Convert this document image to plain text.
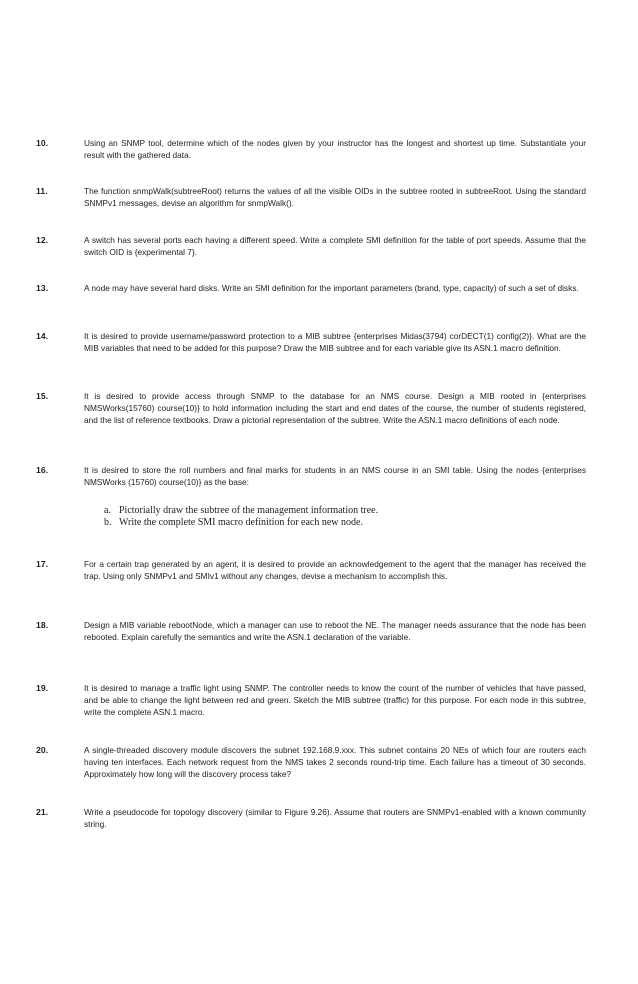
10.	Using an SNMP tool, determine which of the nodes given by your instructor has the longest and shortest up time. Substantiate your result with the gathered data.
11.	The function snmpWalk(subtreeRoot) returns the values of all the visible OIDs in the subtree rooted in subtreeRoot. Using the standard SNMPv1 messages, devise an algorithm for snmpWalk().
12.	A switch has several ports each having a different speed. Write a complete SMI definition for the table of port speeds. Assume that the switch OID is {experimental 7}.
13.	A node may have several hard disks. Write an SMI definition for the important parameters (brand, type, capacity) of such a set of disks.
14.	It is desired to provide username/password protection to a MIB subtree {enterprises Midas(3794) corDECT(1) config(2)}. What are the MIB variables that need to be added for this purpose? Draw the MIB subtree and for each variable give its ASN.1 macro definition.
15.	It is desired to provide access through SNMP to the database for an NMS course. Design a MIB rooted in {enterprises NMSWorks(15760) course(10)} to hold information including the start and end dates of the course, the number of students registered, and the list of reference textbooks. Draw a pictorial representation of the subtree. Write the ASN.1 macro definitions of each node.
16.	It is desired to store the roll numbers and final marks for students in an NMS course in an SMI table. Using the nodes {enterprises NMSWorks (15760) course(10)} as the base:
a. Pictorially draw the subtree of the management information tree.
b. Write the complete SMI macro definition for each new node.
17.	For a certain trap generated by an agent, it is desired to provide an acknowledgement to the agent that the manager has received the trap. Using only SNMPv1 and SMIv1 without any changes, devise a mechanism to accomplish this.
18.	Design a MIB variable rebootNode, which a manager can use to reboot the NE. The manager needs assurance that the node has been rebooted. Explain carefully the semantics and write the ASN.1 declaration of the variable.
19.	It is desired to manage a traffic light using SNMP. The controller needs to know the count of the number of vehicles that have passed, and be able to change the light between red and green. Sketch the MIB subtree (traffic) for this purpose. For each node in this subtree, write the complete ASN.1 macro.
20.	A single-threaded discovery module discovers the subnet 192.168.9.xxx. This subnet contains 20 NEs of which four are routers each having ten interfaces. Each network request from the NMS takes 2 seconds round-trip time. Each failure has a timeout of 30 seconds. Approximately how long will the discovery process take?
21.	Write a pseudocode for topology discovery (similar to Figure 9.26). Assume that routers are SNMPv1-enabled with a known community string.
